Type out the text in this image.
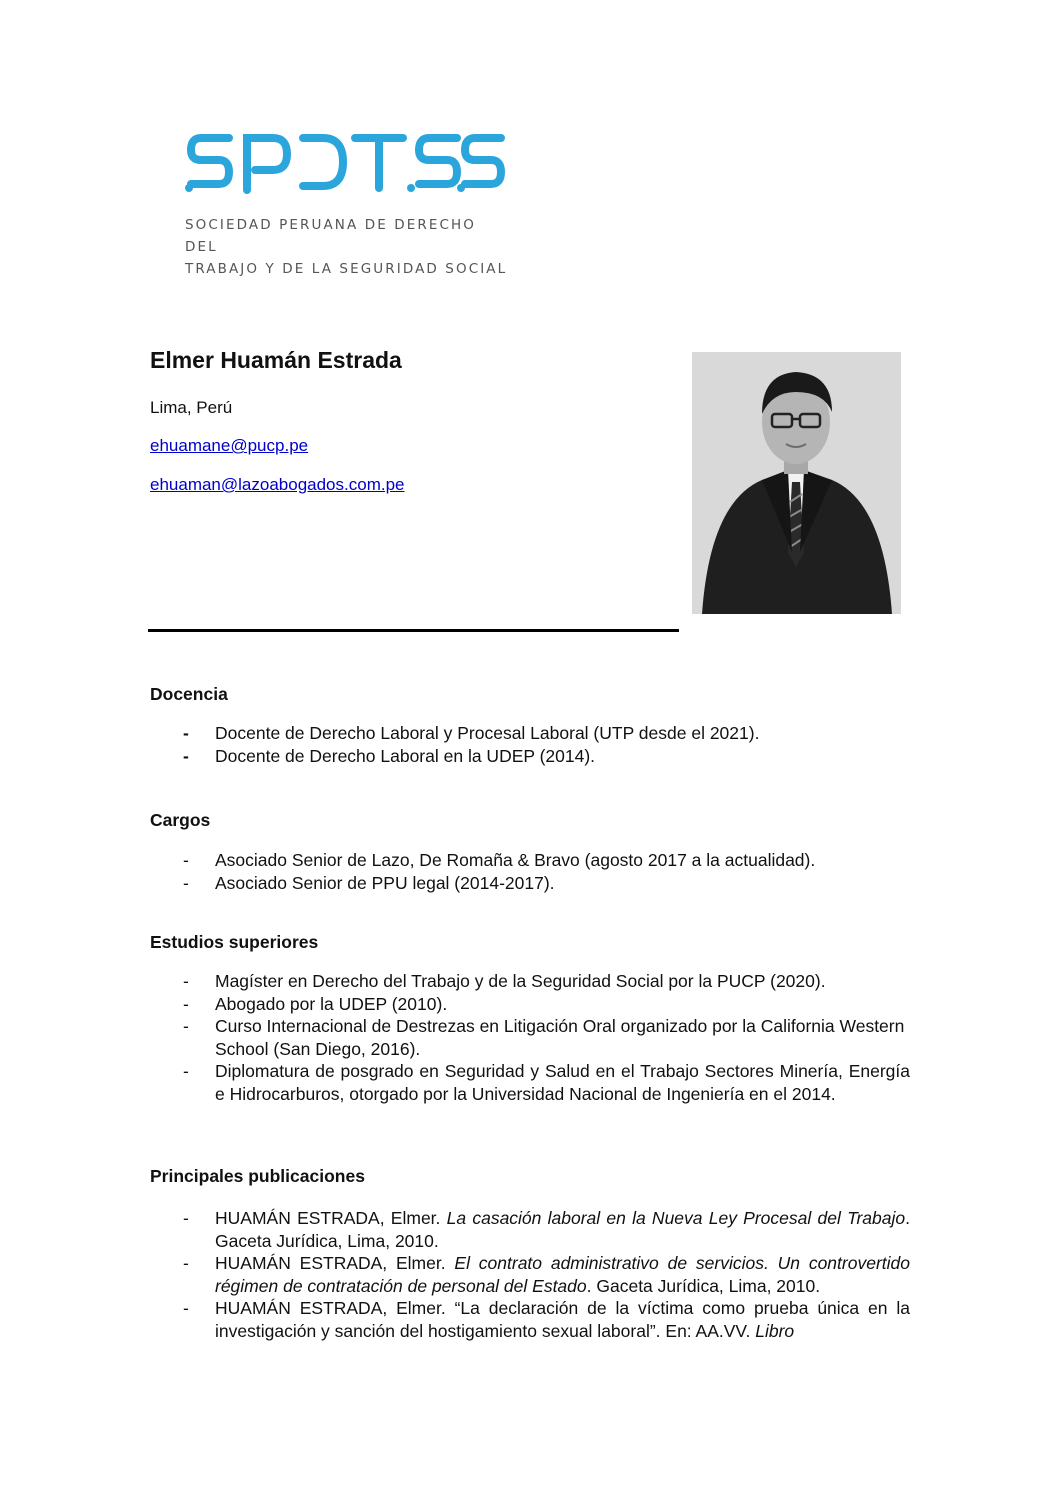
SOCIEDAD PERUANA DE DERECHO DEL
TRABAJO Y DE LA SEGURIDAD SOCIAL
Elmer Huamán Estrada
Lima, Perú
ehuamane@pucp.pe
ehuaman@lazoabogados.com.pe
Docencia
- Docente de Derecho Laboral y Procesal Laboral (UTP desde el 2021).
- Docente de Derecho Laboral en la UDEP (2014).
Cargos
- Asociado Senior de Lazo, De Romaña & Bravo (agosto 2017 a la actualidad).
- Asociado Senior de PPU legal (2014-2017).
Estudios superiores
- Magíster en Derecho del Trabajo y de la Seguridad Social por la PUCP (2020).
- Abogado por la UDEP (2010).
- Curso Internacional de Destrezas en Litigación Oral organizado por la California Western School (San Diego, 2016).
- Diplomatura de posgrado en Seguridad y Salud en el Trabajo Sectores Minería, Energía e Hidrocarburos, otorgado por la Universidad Nacional de Ingeniería en el 2014.
Principales publicaciones
- HUAMÁN ESTRADA, Elmer. La casación laboral en la Nueva Ley Procesal del Trabajo. Gaceta Jurídica, Lima, 2010.
- HUAMÁN ESTRADA, Elmer. El contrato administrativo de servicios. Un controvertido régimen de contratación de personal del Estado. Gaceta Jurídica, Lima, 2010.
- HUAMÁN ESTRADA, Elmer. “La declaración de la víctima como prueba única en la investigación y sanción del hostigamiento sexual laboral”. En: AA.VV. Libro
